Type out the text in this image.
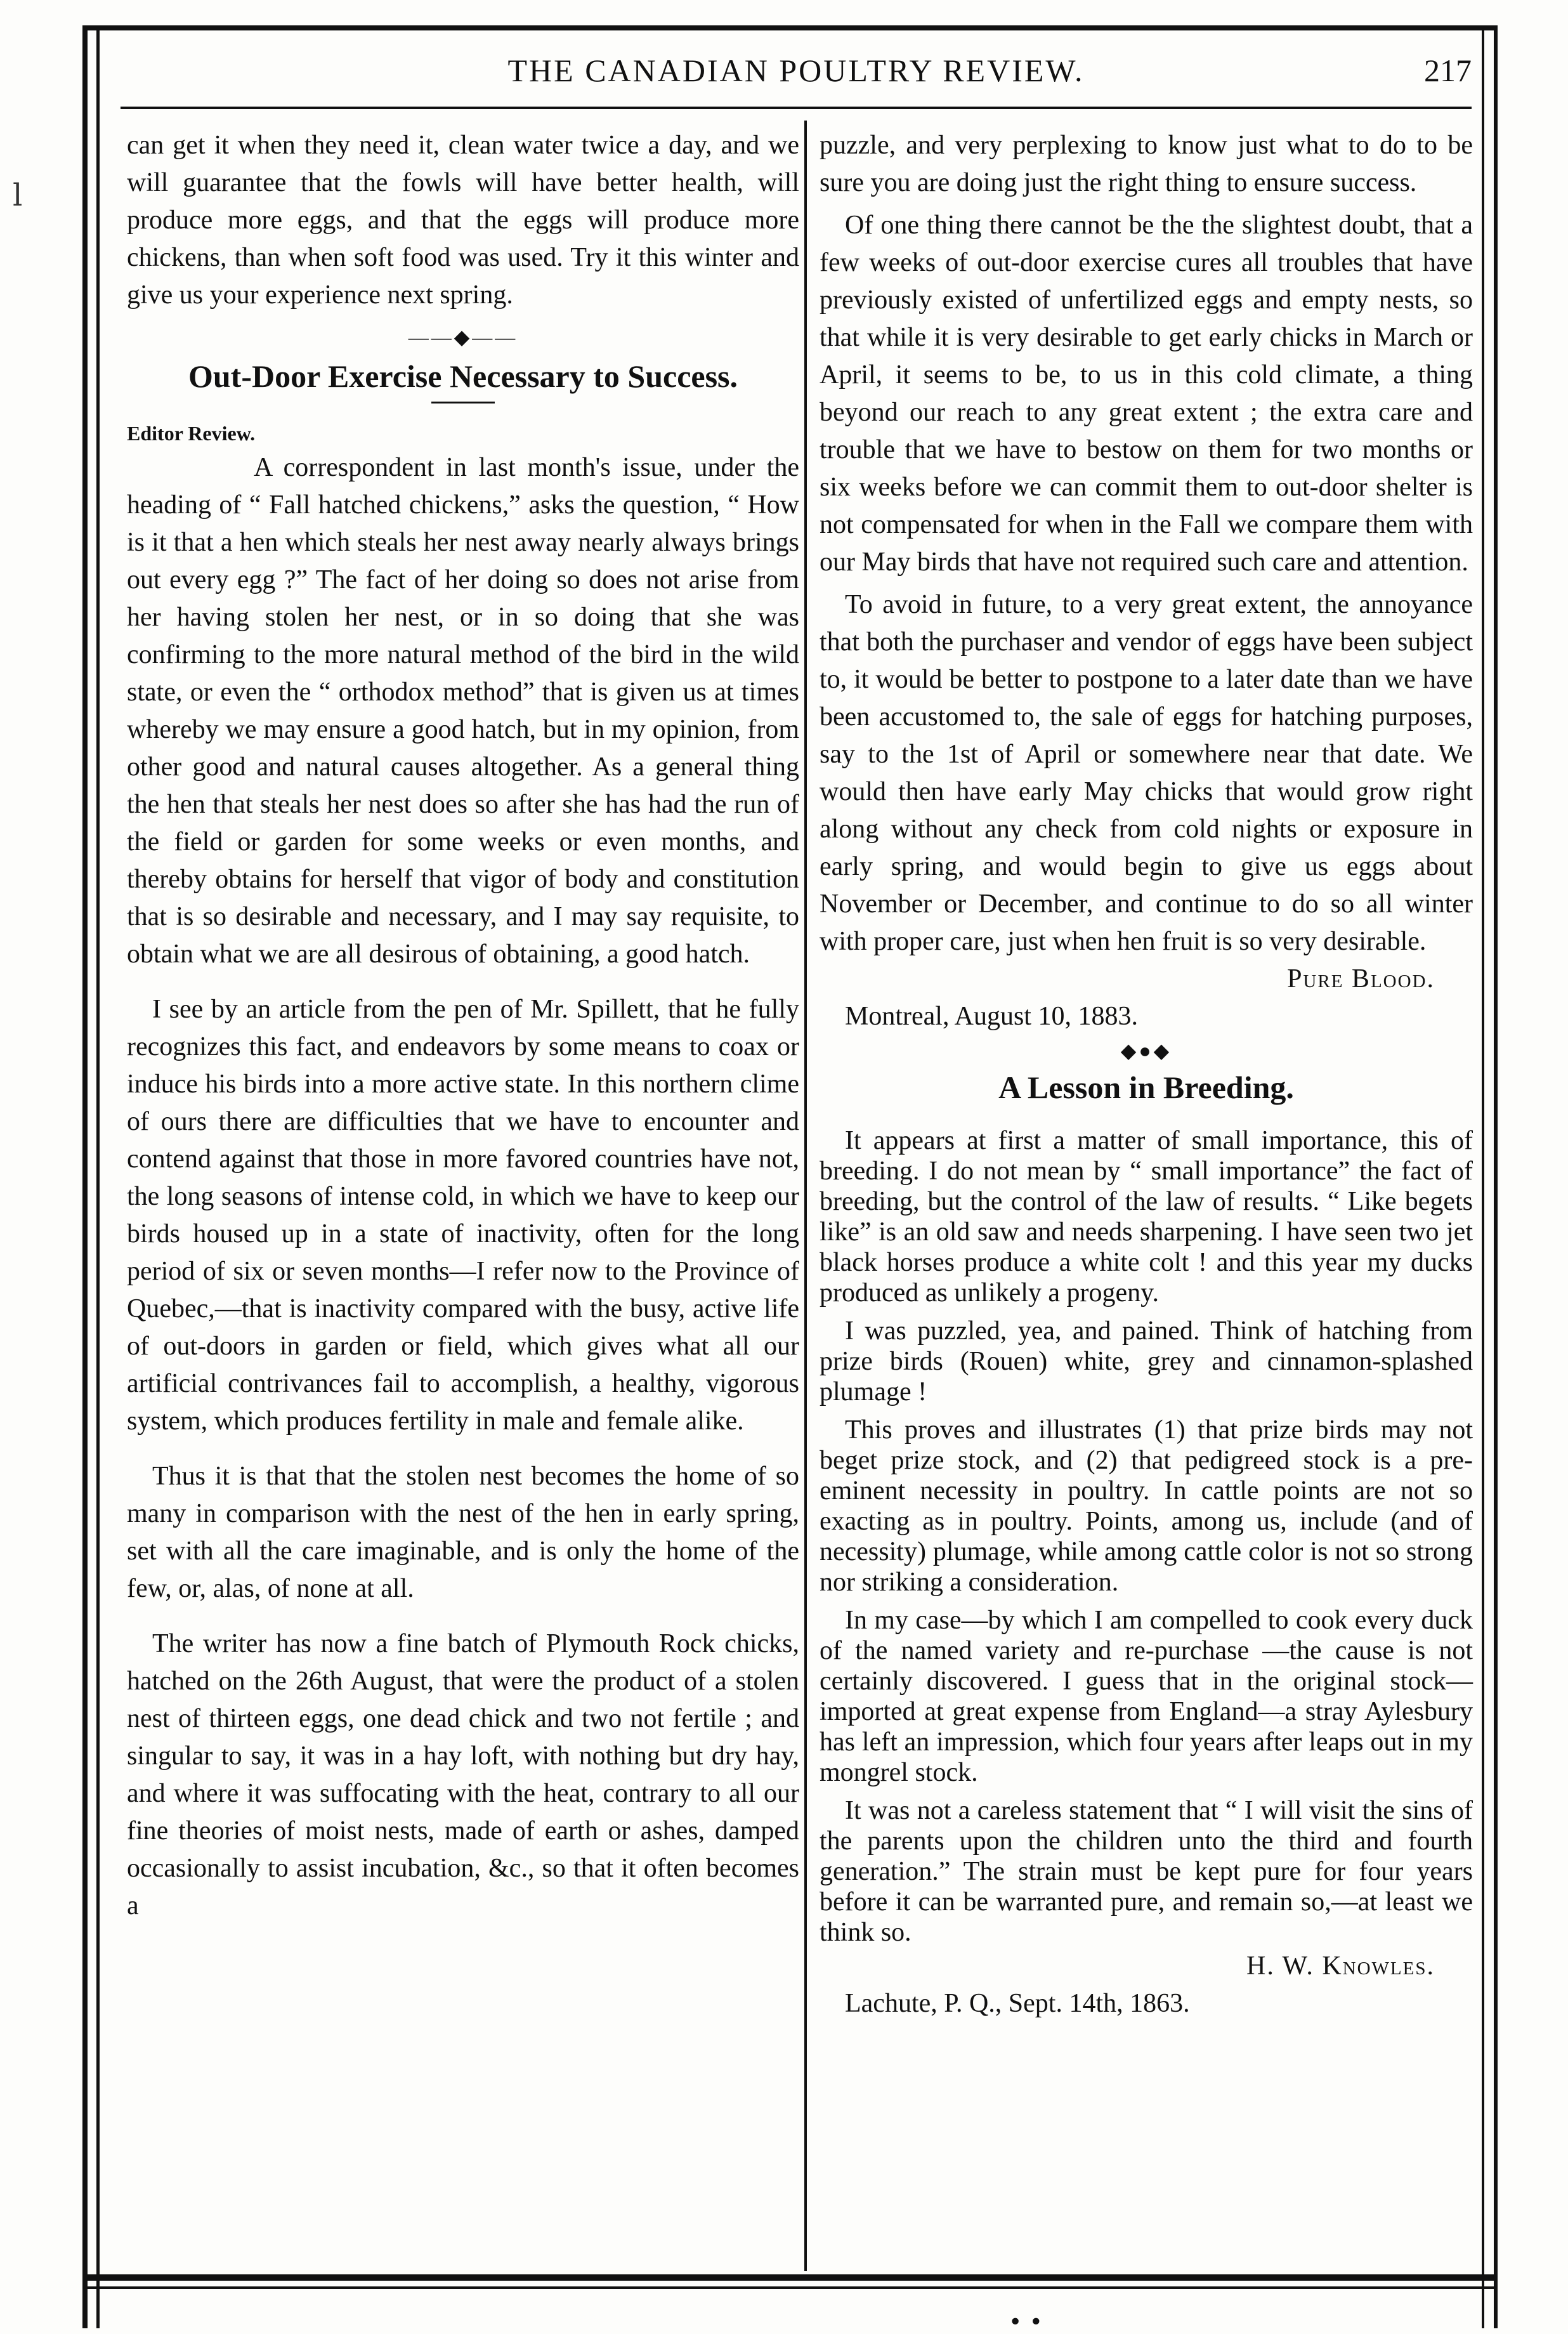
l
THE CANADIAN POULTRY REVIEW.	217

can get it when they need it, clean water twice a day, and we will guarantee that the fowls will have better health, will produce more eggs, and that the eggs will produce more chickens, than when soft food was used. Try it this winter and give us your experience next spring.

——◆——
Out-Door Exercise Necessary to Success.
Editor Review.

A correspondent in last month's issue, under the heading of “ Fall hatched chickens,” asks the question, “ How is it that a hen which steals her nest away nearly always brings out every egg ?” The fact of her doing so does not arise from her having stolen her nest, or in so doing that she was confirming to the more natural method of the bird in the wild state, or even the “ orthodox method” that is given us at times whereby we may ensure a good hatch, but in my opinion, from other good and natural causes altogether. As a general thing the hen that steals her nest does so after she has had the run of the field or garden for some weeks or even months, and thereby obtains for herself that vigor of body and constitution that is so desirable and necessary, and I may say requisite, to obtain what we are all desirous of obtaining, a good hatch.

I see by an article from the pen of Mr. Spillett, that he fully recognizes this fact, and endeavors by some means to coax or induce his birds into a more active state. In this northern clime of ours there are difficulties that we have to encounter and contend against that those in more favored countries have not, the long seasons of intense cold, in which we have to keep our birds housed up in a state of inactivity, often for the long period of six or seven months—I refer now to the Province of Quebec,—that is inactivity compared with the busy, active life of out-doors in garden or field, which gives what all our artificial contrivances fail to accomplish, a healthy, vigorous system, which produces fertility in male and female alike.

Thus it is that that the stolen nest becomes the home of so many in comparison with the nest of the hen in early spring, set with all the care imaginable, and is only the home of the few, or, alas, of none at all.

The writer has now a fine batch of Plymouth Rock chicks, hatched on the 26th August, that were the product of a stolen nest of thirteen eggs, one dead chick and two not fertile ; and singular to say, it was in a hay loft, with nothing but dry hay, and where it was suffocating with the heat, contrary to all our fine theories of moist nests, made of earth or ashes, damped occasionally to assist incubation, &c., so that it often becomes a

puzzle, and very perplexing to know just what to do to be sure you are doing just the right thing to ensure success.

Of one thing there cannot be the the slightest doubt, that a few weeks of out-door exercise cures all troubles that have previously existed of unfertilized eggs and empty nests, so that while it is very desirable to get early chicks in March or April, it seems to be, to us in this cold climate, a thing beyond our reach to any great extent ; the extra care and trouble that we have to bestow on them for two months or six weeks before we can commit them to out-door shelter is not compensated for when in the Fall we compare them with our May birds that have not required such care and attention.

To avoid in future, to a very great extent, the annoyance that both the purchaser and vendor of eggs have been subject to, it would be better to postpone to a later date than we have been accustomed to, the sale of eggs for hatching purposes, say to the 1st of April or somewhere near that date. We would then have early May chicks that would grow right along without any check from cold nights or exposure in early spring, and would begin to give us eggs about November or December, and continue to do so all winter with proper care, just when hen fruit is so very desirable.

Pure Blood.
Montreal, August 10, 1883.
◆●◆
A Lesson in Breeding.

It appears at first a matter of small importance, this of breeding. I do not mean by “ small importance” the fact of breeding, but the control of the law of results. “ Like begets like” is an old saw and needs sharpening. I have seen two jet black horses produce a white colt ! and this year my ducks produced as unlikely a progeny.

I was puzzled, yea, and pained. Think of hatching from prize birds (Rouen) white, grey and cinnamon-splashed plumage !

This proves and illustrates (1) that prize birds may not beget prize stock, and (2) that pedigreed stock is a pre-eminent necessity in poultry. In cattle points are not so exacting as in poultry. Points, among us, include (and of necessity) plumage, while among cattle color is not so strong nor striking a consideration.

In my case—by which I am compelled to cook every duck of the named variety and re-purchase —the cause is not certainly discovered. I guess that in the original stock—imported at great expense from England—a stray Aylesbury has left an impression, which four years after leaps out in my mongrel stock.

It was not a careless statement that “ I will visit the sins of the parents upon the children unto the third and fourth generation.” The strain must be kept pure for four years before it can be warranted pure, and remain so,—at least we think so.

H. W. Knowles.
Lachute, P. Q., Sept. 14th, 1863.
• •
